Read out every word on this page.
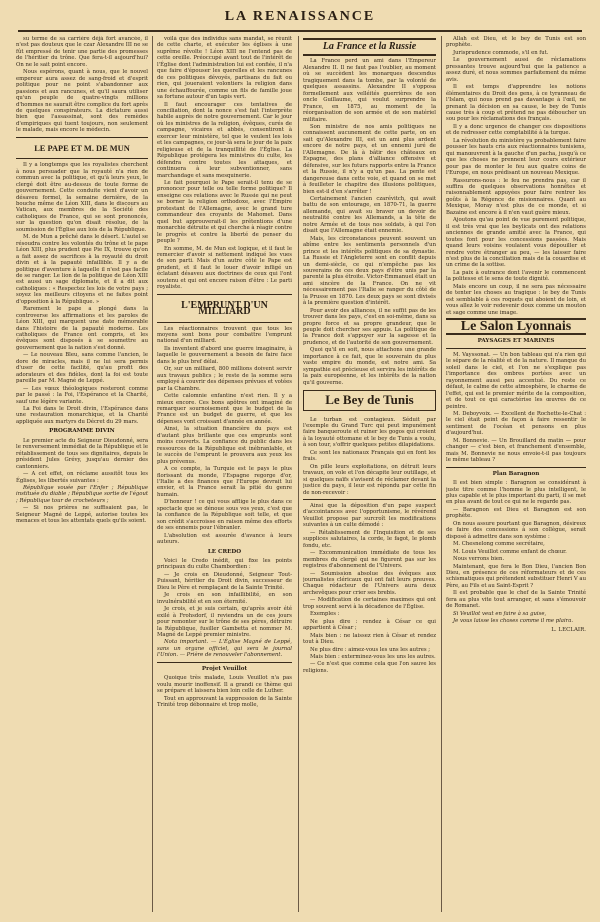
LA RENAISSANCE

su terme de sa carrière déjà fort avancée, il n'est pas douteux que le czar Alexandre III ne se fût empressé de tenir une partie des promesses de l'héritier du trône. Que fera-t-il aujourd'hui? On ne le sait point encore.

Nous espérons, quant à nous, que le nouvel empereur aura assez de sang-froid et d'esprit politique pour ne point s'abandonner aux passions et aux rancunes, et qu'il saura utiliser qu'un peuple de quatre-vingts millions d'hommes ne saurait être complice du fort après de quelques conspirateurs. La dictature aussi bien que l'assassinat, sont des remèdes d'empiriques qui tuent toujours, non seulement le malade, mais encore le médecin.

LE PAPE ET M. DE MUN

Il y a longtemps que les royalistes cherchent à nous persuader que la royauté n'a rien de commun avec la politique, et qu'à leurs yeux, le clergé doit être au-dessus de toute forme de gouvernement. Cette conduite vient d'avoir un désaveu formel, la semaine dernière, de la bouche même de Léon XIII, dans le discours au Vatican, aux membres de la Société des catholiques de France, qui se sont prononcés, sur la question qu'on disait résolue, de la soumission de l'Église aux lois de la République.

M. de Mun a prêché dans le désert. L'autel se résoudra contre les volontés du trône et le pape Léon XIII, plus prudent que Pie IX, trouve qu'on a fait assez de sacrifices à la royauté du droit divin et à la papauté infaillible. Il y a de politique d'aventure à laquelle il n'est pas facile de se ranger. Le lion de la politique de Léon XIII est aussi un sage diplomate, et il a dit aux catholiques : « Respectez les lois de votre pays ; soyez les meilleurs citoyens et ne faites point d'opposition à la République. »

Rarement le pape a plongé dans la controverse les affirmations et les paroles de Léon XIII, qui marquent une date mémorable dans l'histoire de la papauté moderne. Les catholiques de France ont compris, et les évêques sont disposés à se soumettre au gouvernement que la nation s'est donné.

— Le nouveau Bleu, sans comme l'ancien, le dore de miracles, mais il ne lui sera permis d'user de cette facilité, qu'au profit des adorateurs et des fidèles, dont la foi est toute pareille par M. Magné de Leppé.

— Les vœux théologiques resteront comme par le passé : la Foi, l'Espérance et la Charité, sauf une légère variante.

La Foi dans le Droit divin, l'Espérance dans une restauration monarchique, et la Charité appliquée aux martyrs du Décret du 29 mars.

PROGRAMME DIVIN

Le premier acte du Seigneur Dieudonné, sera le renversement immédiat de la République et le rétablissement de tous ses dignitaires, depuis le président Jules Grévy, jusqu'au dernier des cantonniers.

— A cet effet, on réclame aussitôt tous les Églises, les libertés suivantes :

République vouée par l'Enfer ; République instituée du diable ; République sortie de l'égout ; République tour de crocheteurs ;

— Si nos prières ne suffisaient pas, le Seigneur Magné de Leppé, autorise toutes les menaces et tous les attentats quels qu'ils soient.

voilà que des individus sans mandat, se réunit de cette charte, et exécuter les églises à une suprême révolte ! Léon XIII ne l'entend pas de cette oreille. Préoccupé avant tout de l'intérêt de l'Église dont l'administration lui est confiée, il n'a que faire d'épouser les querelles et les rancunes de ces politiques dévoyés, partisans du fait ou rien, qui joueraient volontiers la religion dans une échauffourée, comme un fils de famille joue sa fortune autour d'un tapis vert.

Il faut encourager ces tentatives de conciliation, dont la nonce s'est fait l'interprète habile auprès de notre gouvernement. Car le jour où les ministres de la religion, évêques, curés de campagne, vicaires et abbés, consentiront à exercer leur ministère, tel que le veulent les lois et les campagnes, ce jour-là sera le jour de la paix religieuse et de la tranquillité de l'Église. La République protégera les ministres du culte, les défendra contre toutes les attaques, et continuera à leur subventionner, sans marchandage et sans mesquinerie.

Le fait pourquoi le Pape serait-il tenu de se prononcer pour telle ou telle forme politique? Il enseigne ces relations avec le Russie qui ne peut se borner la religion orthodoxe, avec l'Empire protestant de l'Allemagne, avec le grand ture commandeur des croyants de Mahomet. Dans quel but approuverait-il les prétentions d'une monarchie détruite et qui cherche à réagir contre le progrès et contre la liberté de penser du peuple ?

En somme, M. de Mun est logique, et il faut le remercier d'avoir si nettement indiqué les vues de son parti. Mais d'un autre côté le Pape est prudent, et il faut le louer d'avoir infligé un éclatant désaveu aux doctrines de ceux qui l'ont soutenu et qui ont encore raison d'être : Le parti royaliste.

L'EMPRUNT D'UN MILLIARD

Les réactionnaires trouvent que tous les moyens sont bons pour combattre l'emprunt national d'un milliard.

Ils inventent d'abord une guerre imaginaire, à laquelle le gouvernement a besoin de faire face dans le plus bref délai.

Or, sur un milliard, 800 millions doivent servir aux travaux publics ; le reste de la somme sera employé à couvrir des dépenses prévues et votées par la Chambre.

Cette calomnie enfantine n'est rien. Il y a mieux encore. Ces bons apôtres ont imaginé de remarquer sournoisement que le budget de la France est un budget de guerre, et que les dépenses vont croissant d'année en année.

Ainsi, la situation financière du pays est d'autant plus brillante que ces emprunts sont moins couverts. La confiance du public dans les ressources de la République est inébranlable, et le succès de l'emprunt le prouvera aux yeux les plus prévenus.

A ce compte, la Turquie est le pays le plus florissant du monde, l'Espagne regorge d'or, l'Italie a des finances que l'Europe devrait lui envier, et la France serait la pitié du genre humain.

D'honneur ! ce qui vous afflige le plus dans ce spectacle que se dénoue sous vos yeux, c'est que la confiance de la République soit telle, et que son crédit s'accroisse en raison même des efforts de ses ennemis pour l'ébranler.

L'absolution est assurée d'avance à leurs auteurs.

LE CREDO

Voici le Credo inédit, qui fixe les points principaux du culte Chambordien :

— Je crois en Dieudonné, Seigneur Tout-Puissant, héritier du Droit divin, successeur de Dieu le Père et remplaçant de la Sainte Trinité.

Je crois en son infaillibilité, en son invulnérabilité et en son éternité.

Je crois, et je suis certain, qu'après avoir été exilé à Frohsdorf, il reviendra un de ces jours pour remonter sur le trône de ses pères, détruire la République, fusiller Gambetta et nommer M. Magné de Leppé premier ministre.

Nota important. — L'Église Magné de Leppé, sans un organe officiel, qui sera le journal l'Union. — Prière de renouveler l'abonnement.

Projet Veuillot

Quoique très malade, Louis Veuillot n'a pas voulu mourir inoffensif. Il a grandi ce thème qui se prépare et laissera bien loin celle de Luther.

Tout en approuvant la suppression de la Sainte Trinité trop débonnaire et trop molle,

La France et la Russie

La France perd un ami dans l'Empereur Alexandre II. Il ne faut pas l'oublier, au moment où se succèdent les monarques descendus tragiquement dans la tombe, par la volonté de quelques assassins. Alexandre II s'opposa formellement aux velléités guerrières de son oncle Guillaume, qui voulut surprendre la France, en 1875, au moment de la réorganisation de son armée et de son matériel militaire.

Son ministre de nos amis politiques ne connaissent aucunement de cette parte, on en sait qu'Alexandre III, est un ami plus ardent encore de notre pays, et un ennemi juré de l'Allemagne. De là à bâtir des châteaux en Espagne, des plans d'alliance offensive et défensive, sur les futurs rapports entre la France et la Russie, il n'y a qu'un pas. La pente est dangereuse dans cette voie, et quand on se met à feuilleter le chapitre des illusions politiques, bien est-il d'en s'arrêter !

Certainement l'ancien czarévitch, qui avait battu de son entourage, en 1870-71, la guerre allemande, qui avait su braver un devoir de neutralité contre les Allemands, a la tête de notre Armée et de tous nos soldats, à qui l'on disait que l'Allemagne était ennemie.

Mais, les circonstances peuvent souvent un abîme entre les sentiments personnels d'un prince et les intérêts politiques de sa dynastie. La Russie et l'Angleterre sont en conflit depuis un demi-siècle, ce qui n'empêche pas les souverains de ces deux pays d'être unis par la parenté la plus étroite. Victor-Emmanuel était un ami sincère de la France. On ne vit nécessairement pas l'Italie se ranger du côté de la Prusse en 1870. Les deux pays se sont divisés à la première question d'intérêt.

Pour avoir des alliances, il ne suffit pas de les trouver dans les pays, c'est en soi-même, dans sa propre force et sa propre grandeur, que le peuple doit chercher ses appuis. La politique de la France doit s'appuyer sur la sagesse et la prudence, et de l'autorité de son gouvernement.

Quoi qu'il en soit, nous attachons une grande importance à ce fait, que le souverain du plus vaste empire du monde, est notre ami. Sa sympathie est précieuse et servira les intérêts de la paix européenne, et les intérêts de la nation qu'il gouverne.

Le Bey de Tunis

Le turban est contagieux. Séduit par l'exemple du Grand Turc qui peut impunément faire banqueroute et ruiner les gogos qui croient à la loyauté ottomane et le bey de Tunis a voulu, à son tour, s'offrir quelques petites dilapidations.

Ce sont les nationaux Français qui en font les frais.

On pille leurs exploitations, on détruit leurs travaux, on vole et l'on décapite leur outillage, et si quelques naïfs s'avisent de réclamer devant la justice du pays, il leur est répondu par cette fin de non-recevoir :

Ainsi que la déposition d'un pape suspect d'accointances avec l'opportunisme, le révérend Veuillot propose par surcroît les modifications suivantes à un culte démodé :

— Rétablissement de l'Inquisition et de ses supplices salutaires, la corde, le fagot, le plomb fondu, etc.

— Excommunication immédiate de tous les membres du clergé qui ne figurent pas sur les registres d'abonnement de l'Univers.

— Soumission absolue des évêques aux journalistes cléricaux qui ont fait leurs preuves. Chaque rédacteur de l'Univers aura deux archevêques pour crier ses brebis.

— Modification de certaines maximes qui ont trop souvent servi à la décadence de l'Église.

Exemples :

Ne plus dire : rendez à César ce qui appartient à César ;

Mais bien : ne laissez rien à César et rendez tout à Dieu.

Ne plus dire : aimez-vous les uns les autres ;

Mais bien : exterminez-vous les uns les autres.

— Ce n'est que comme cela que l'on sauve les religions.

Allah est Dieu, et le bey de Tunis est son prophète.

Jurisprudence commode, s'il en fut.

Le gouvernement aussi de réclamations pressantes trouve aujourd'hui que la patience a assez duré, et nous sommes parfaitement du même avis.

Il est temps d'apprendre les notions élémentaires du Droit des gens, à ce tyranneau de l'Islam, qui nous prend pas davantage à l'œil, ne prenant la décision en sa cause, le bey de Tunis cause très à coup et prétend ne pas déboucher un sou pour les réclamations des français.

Il y a donc urgence de changer ces dispositions et de redresser cette comptabilité à la turque.

La révolution du ministère ya probablement faire pousser les hauts cris aux réactionnaires tunisiens, qui manœuvrent à la gauche d'un pacha, jusqu'à ce que les choses ne prennent leur cours extérieur pour pas de monter le feu aux quatre coins de l'Europe, en nous prédisant un nouveau Mexique.

Rassurons-nous : le feu ne prendra pas, car il suffira de quelques observations honnêtes et raisonnablement appuyées pour faire rentrer les goûts à la Régence de misionnaires. Quant au Mexique, Moray n'est plus de ce monde, et si Bazaine est encore à il n'en vaut guère mieux.

Ajoutons qu'au point de vue purement politique, il est très vrai que les beylicats ont des relations anciennes de grande amitié avec la France, qui toutes font pour les concessions passées. Mais quand leurs voisins voulaient vous dépouiller et rendre votre étranger au peu, — les laisser faire n'est plus de la conciliation mais de la couardise et un crime de la sottise.

La paix à outrance dont l'avenir le commencent la politesse et le sens de toute dignité.

Mais encore un coup, il ne sera pas nécessaire de tenter les choses au tragique : le bey de Tunis est semblable à ces roquets qui aboient de loin, et vous allez le voir redevenir doux comme un mouton et sage comme une image.

Le Salon Lyonnais
PAYSAGES ET MARINES

M. Vayssonat. — Un bon tableau qui n'a rien qui le sépare de la réalité et de la nature. Il manque du soleil dans le ciel, et l'on ne s'explique pas l'importance des ombres portées avec un rayonnement aussi peu accentué. Du reste ce défaut, le calme de cette atmosphère, le charme de l'effet, qui est le premier mérite de la composition, et de tout ce qui caractérise les œuvres de ce peintre.

M. Deboyvoix. — Excellent de Rochette-le-Chat : le ciel était peint de façon à faire ressentir le sentiment de l'océan et pensons en plus d'aujourd'hui.

M. Bonnevie. — Un Brouillard du matin — pour changer — c'est bien, et franchement d'ensemble, mais M. Bonnevie ne nous envoie-t-il pas toujours le même tableau ?

Plan Baragnon

Il est bien simple : Baragnon se considérant à juste titre comme l'homme le plus intelligent, le plus capable et le plus important du parti, il se met en plus avant de tout ce qui ne le regarde pas.

— Baragnon est Dieu et Baragnon est son prophète.

On nous assure pourtant que Baragnon, désireux de faire des concessions à son collègue, serait disposé à admettre dans son système :

M. Chesnelong comme secrétaire,

M. Louis Veuillot comme enfant de chœur.

Nous verrons bien.

Maintenant, que fera le Bon Dieu, l'ancien Bon Dieu, en présence de ces réformateurs et de ces schismatiques qui prétendent substituer Henri V au Père, au Fils et au Saint-Esprit ?

Il est probable que le chef de la Sainte Trinité fera au plus vite tout arranger, et sans s'émouvoir de Romanet.

Si Veuillot veut en faire à sa guise,

Je vous laisse les choses comme il me plaira.

L. LECLAIR.
